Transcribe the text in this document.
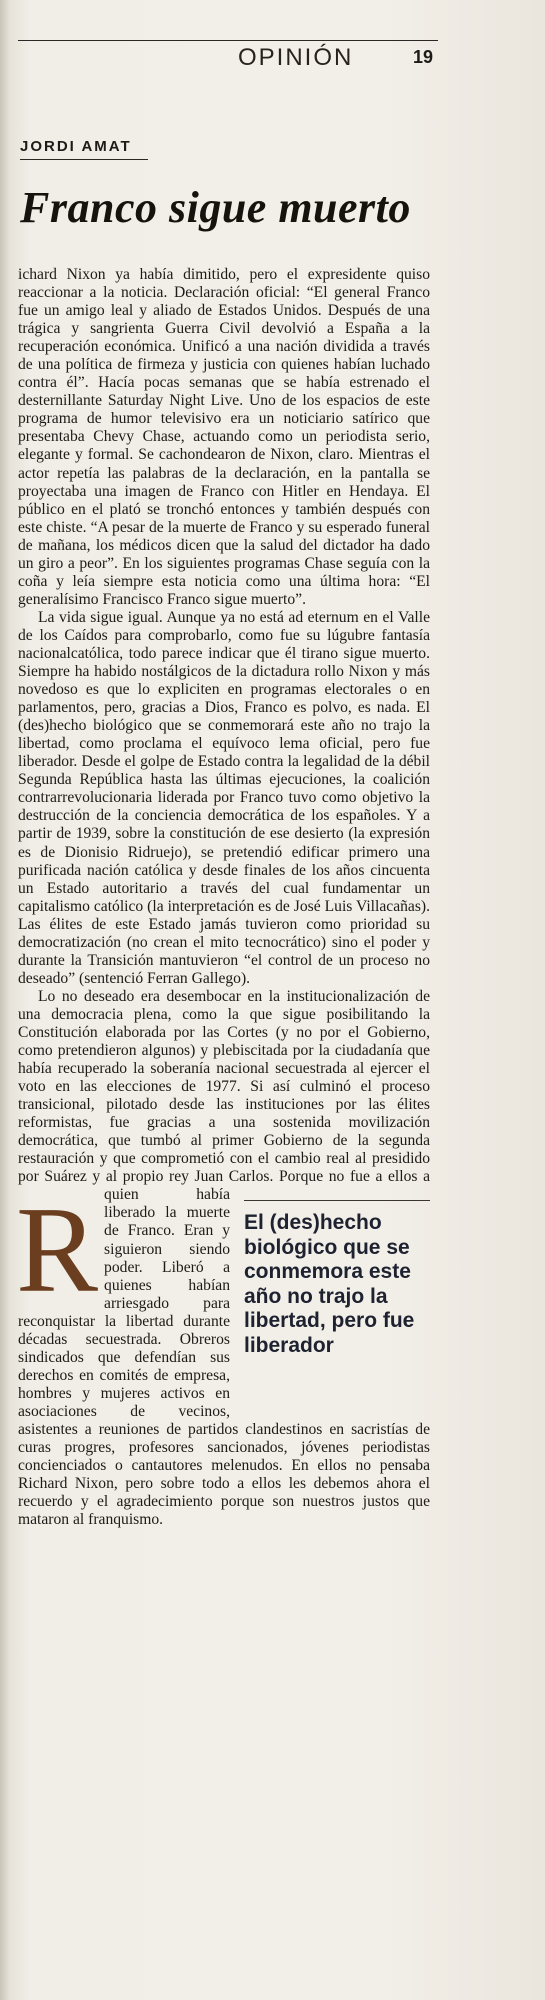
OPINIÓN	19
JORDI AMAT
Franco sigue muerto
El (des)hecho biológico que se conmemora este año no trajo la libertad, pero fue liberador

R
ichard Nixon ya había dimitido, pero el expresidente quiso reaccionar a la noticia. Declaración oficial: “El general Franco fue un amigo leal y aliado de Estados Unidos. Después de una trágica y sangrienta Guerra Civil devolvió a España a la recuperación económica. Unificó a una nación dividida a través de una política de firmeza y justicia con quienes habían luchado contra él”. Hacía pocas semanas que se había estrenado el desternillante Saturday Night Live. Uno de los espacios de este programa de humor televisivo era un noticiario satírico que presentaba Chevy Chase, actuando como un periodista serio, elegante y formal. Se cachondearon de Nixon, claro. Mientras el actor repetía las palabras de la declaración, en la pantalla se proyectaba una imagen de Franco con Hitler en Hendaya. El público en el plató se tronchó entonces y también después con este chiste. “A pesar de la muerte de Franco y su esperado funeral de mañana, los médicos dicen que la salud del dictador ha dado un giro a peor”. En los siguientes programas Chase seguía con la coña y leía siempre esta noticia como una última hora: “El generalísimo Francisco Franco sigue muerto”.

La vida sigue igual. Aunque ya no está ad eternum en el Valle de los Caídos para comprobarlo, como fue su lúgubre fantasía nacionalcatólica, todo parece indicar que él tirano sigue muerto. Siempre ha habido nostálgicos de la dictadura rollo Nixon y más novedoso es que lo expliciten en programas electorales o en parlamentos, pero, gracias a Dios, Franco es polvo, es nada. El (des)hecho biológico que se conmemorará este año no trajo la libertad, como proclama el equívoco lema oficial, pero fue liberador. Desde el golpe de Estado contra la legalidad de la débil Segunda República hasta las últimas ejecuciones, la coalición contrarrevolucionaria liderada por Franco tuvo como objetivo la destrucción de la conciencia democrática de los españoles. Y a partir de 1939, sobre la constitución de ese desierto (la expresión es de Dionisio Ridruejo), se pretendió edificar primero una purificada nación católica y desde finales de los años cincuenta un Estado autoritario a través del cual fundamentar un capitalismo católico (la interpretación es de José Luis Villacañas). Las élites de este Estado jamás tuvieron como prioridad su democratización (no crean el mito tecnocrático) sino el poder y durante la Transición mantuvieron “el control de un proceso no deseado” (sentenció Ferran Gallego).

Lo no deseado era desembocar en la institucionalización de una democracia plena, como la que sigue posibilitando la Constitución elaborada por las Cortes (y no por el Gobierno, como pretendieron algunos) y plebiscitada por la ciudadanía que había recuperado la soberanía nacional secuestrada al ejercer el voto en las elecciones de 1977. Si así culminó el proceso transicional, pilotado desde las instituciones por las élites reformistas, fue gracias a una sostenida movilización democrática, que tumbó al primer Gobierno de la segunda restauración y que comprometió con el cambio real al presidido por Suárez y al propio rey Juan Carlos. Porque no fue a ellos a quien había liberado la muerte de Franco. Eran y siguieron siendo poder. Liberó a quienes habían arriesgado para reconquistar la libertad durante décadas secuestrada. Obreros sindicados que defendían sus derechos en comités de empresa, hombres y mujeres activos en asociaciones de vecinos, asistentes a reuniones de partidos clandestinos en sacristías de curas progres, profesores sancionados, jóvenes periodistas concienciados o cantautores melenudos. En ellos no pensaba Richard Nixon, pero sobre todo a ellos les debemos ahora el recuerdo y el agradecimiento porque son nuestros justos que mataron al franquismo.
